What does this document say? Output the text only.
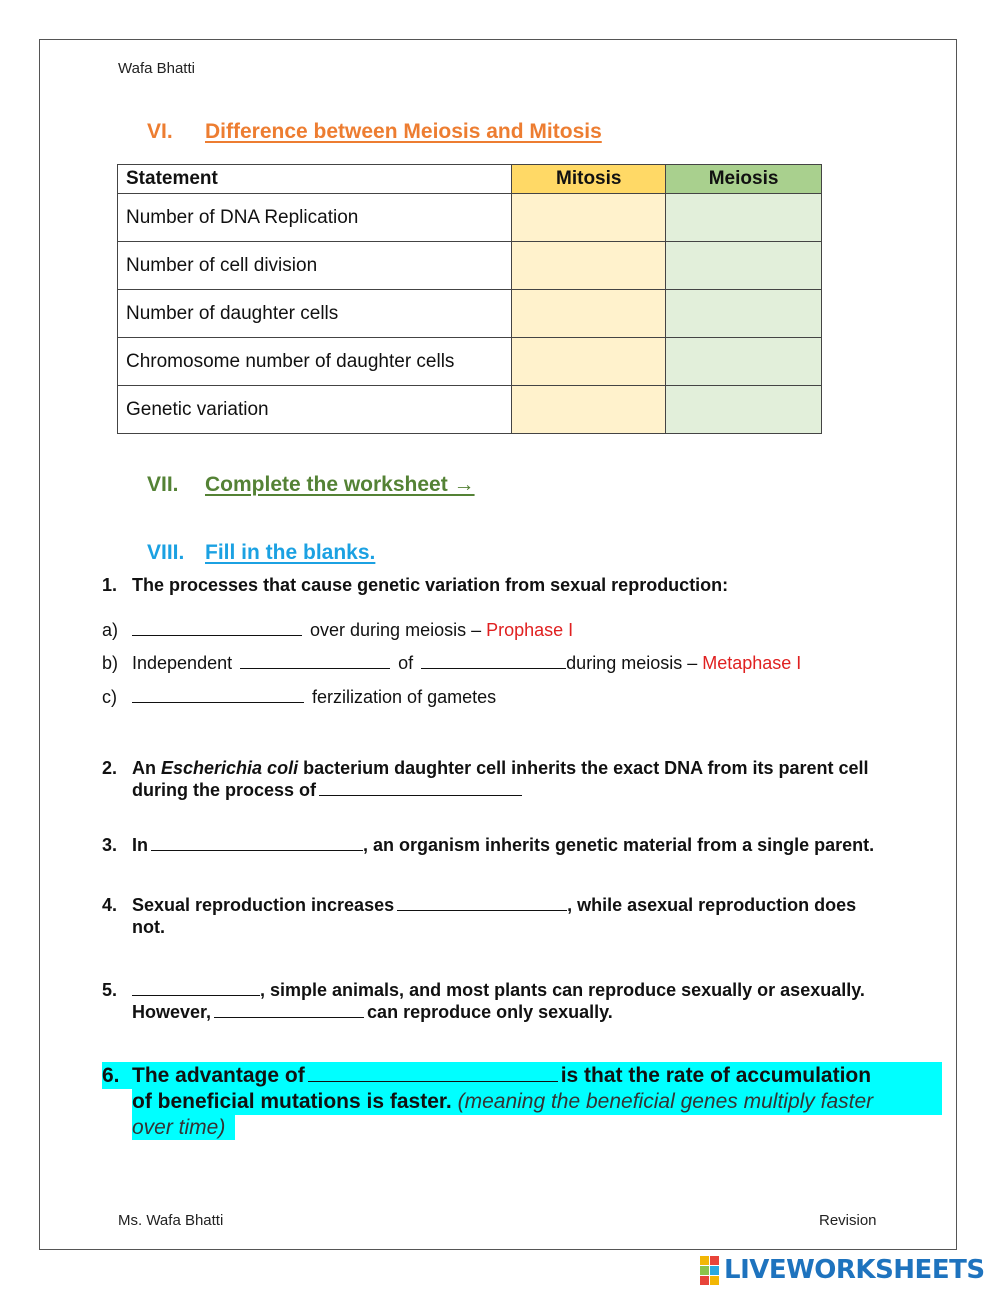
Wafa Bhatti
VI. Difference between Meiosis and Mitosis
Statement	Mitosis	Meiosis
Number of DNA Replication		
Number of cell division		
Number of daughter cells		
Chromosome number of daughter cells		
Genetic variation		
VII. Complete the worksheet →
VIII. Fill in the blanks.
1. The processes that cause genetic variation from sexual reproduction:
a)	over during meiosis – Prophase I
b) Independent	of	during meiosis – Metaphase I
c)	ferzilization of gametes
2. An Escherichia coli bacterium daughter cell inherits the exact DNA from its parent cell
during the process of
3. In	, an organism inherits genetic material from a single parent.
4. Sexual reproduction increases	, while asexual reproduction does
not.
5.	, simple animals, and most plants can reproduce sexually or asexually.
However,	can reproduce only sexually.
6. The advantage of	is that the rate of accumulation
of beneficial mutations is faster. (meaning the beneficial genes multiply faster
over time)
Ms. Wafa Bhatti	Revision
LIVEWORKSHEETS
